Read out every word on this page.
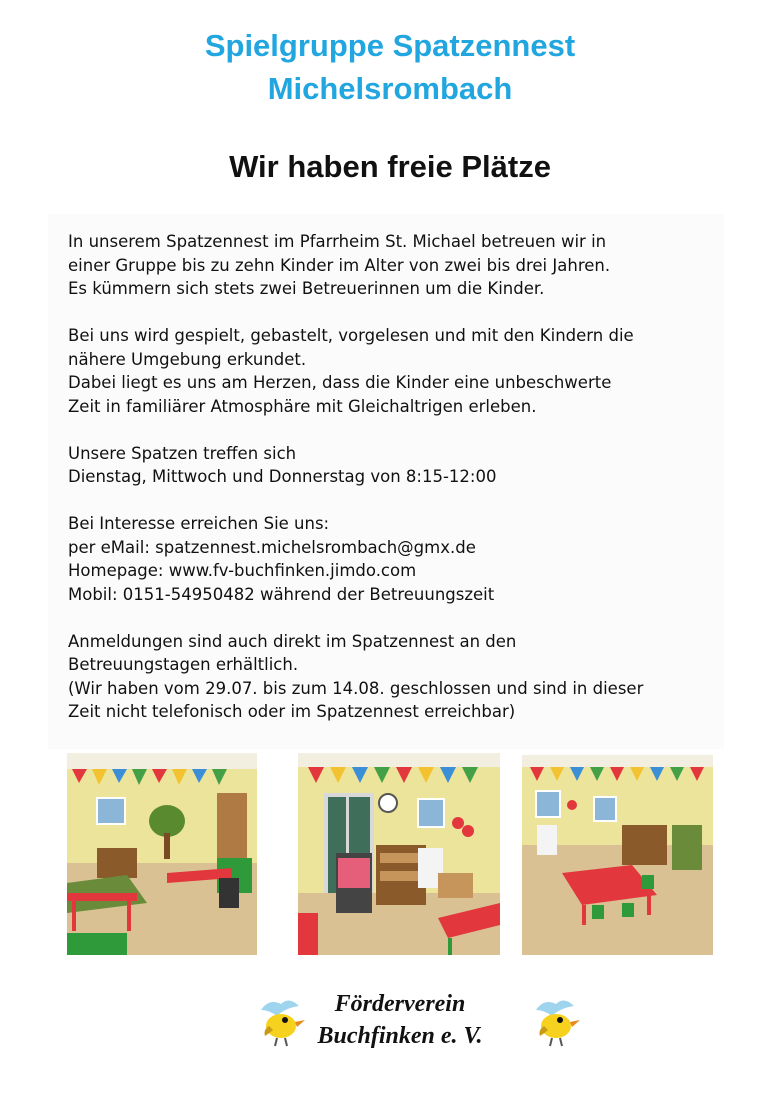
Spielgruppe Spatzennest
Michelsrombach
Wir haben freie Plätze
In unserem Spatzennest im Pfarrheim St. Michael betreuen wir in
einer Gruppe bis zu zehn Kinder im Alter von zwei bis drei Jahren.
Es kümmern sich stets zwei Betreuerinnen um die Kinder.
Bei uns wird gespielt, gebastelt, vorgelesen und mit den Kindern die
nähere Umgebung erkundet.
Dabei liegt es uns am Herzen, dass die Kinder eine unbeschwerte
Zeit in familiärer Atmosphäre mit Gleichaltrigen erleben.
Unsere Spatzen treffen sich
Dienstag, Mittwoch und Donnerstag von 8:15-12:00
Bei Interesse erreichen Sie uns:
per eMail: spatzennest.michelsrombach@gmx.de
Homepage: www.fv-buchfinken.jimdo.com
Mobil: 0151-54950482 während der Betreuungszeit
Anmeldungen sind auch direkt im Spatzennest an den
Betreuungstagen erhältlich.
(Wir haben vom 29.07. bis zum 14.08. geschlossen und sind in dieser
Zeit nicht telefonisch oder im Spatzennest erreichbar)
Förderverein
Buchfinken e. V.
